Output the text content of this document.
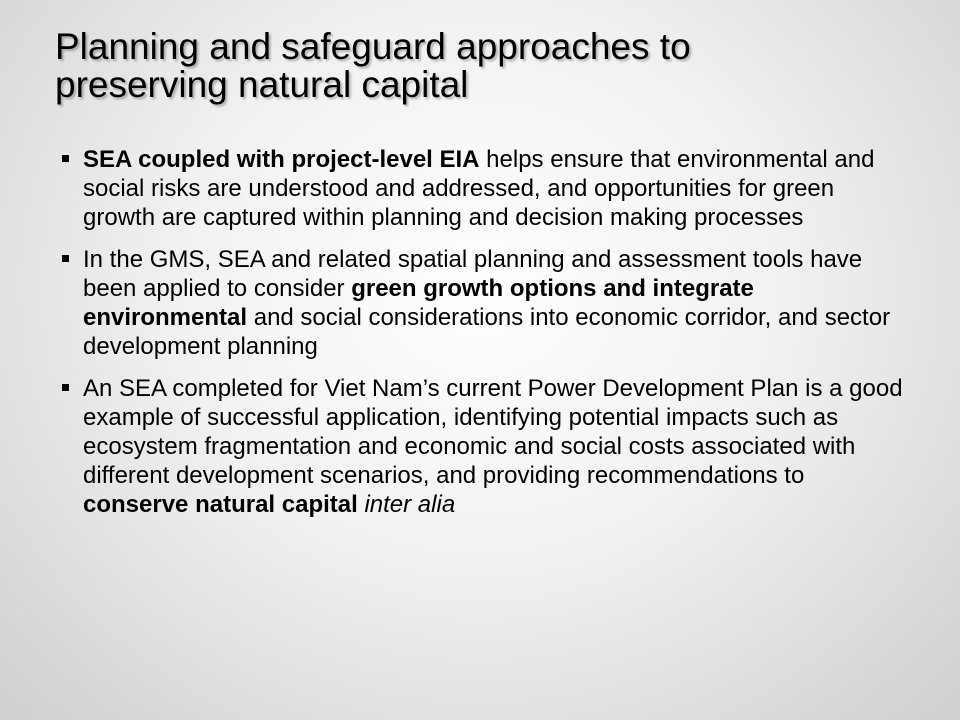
Planning and safeguard approaches to
preserving natural capital
SEA coupled with project-level EIA helps ensure that environmental and social risks are understood and addressed, and opportunities for green growth are captured within planning and decision making processes
In the GMS, SEA and related spatial planning and assessment tools have been applied to consider green growth options and integrate environmental and social considerations into economic corridor, and sector development planning
An SEA completed for Viet Nam’s current Power Development Plan is a good example of successful application, identifying potential impacts such as ecosystem fragmentation and economic and social costs associated with different development scenarios, and providing recommendations to conserve natural capital inter alia
